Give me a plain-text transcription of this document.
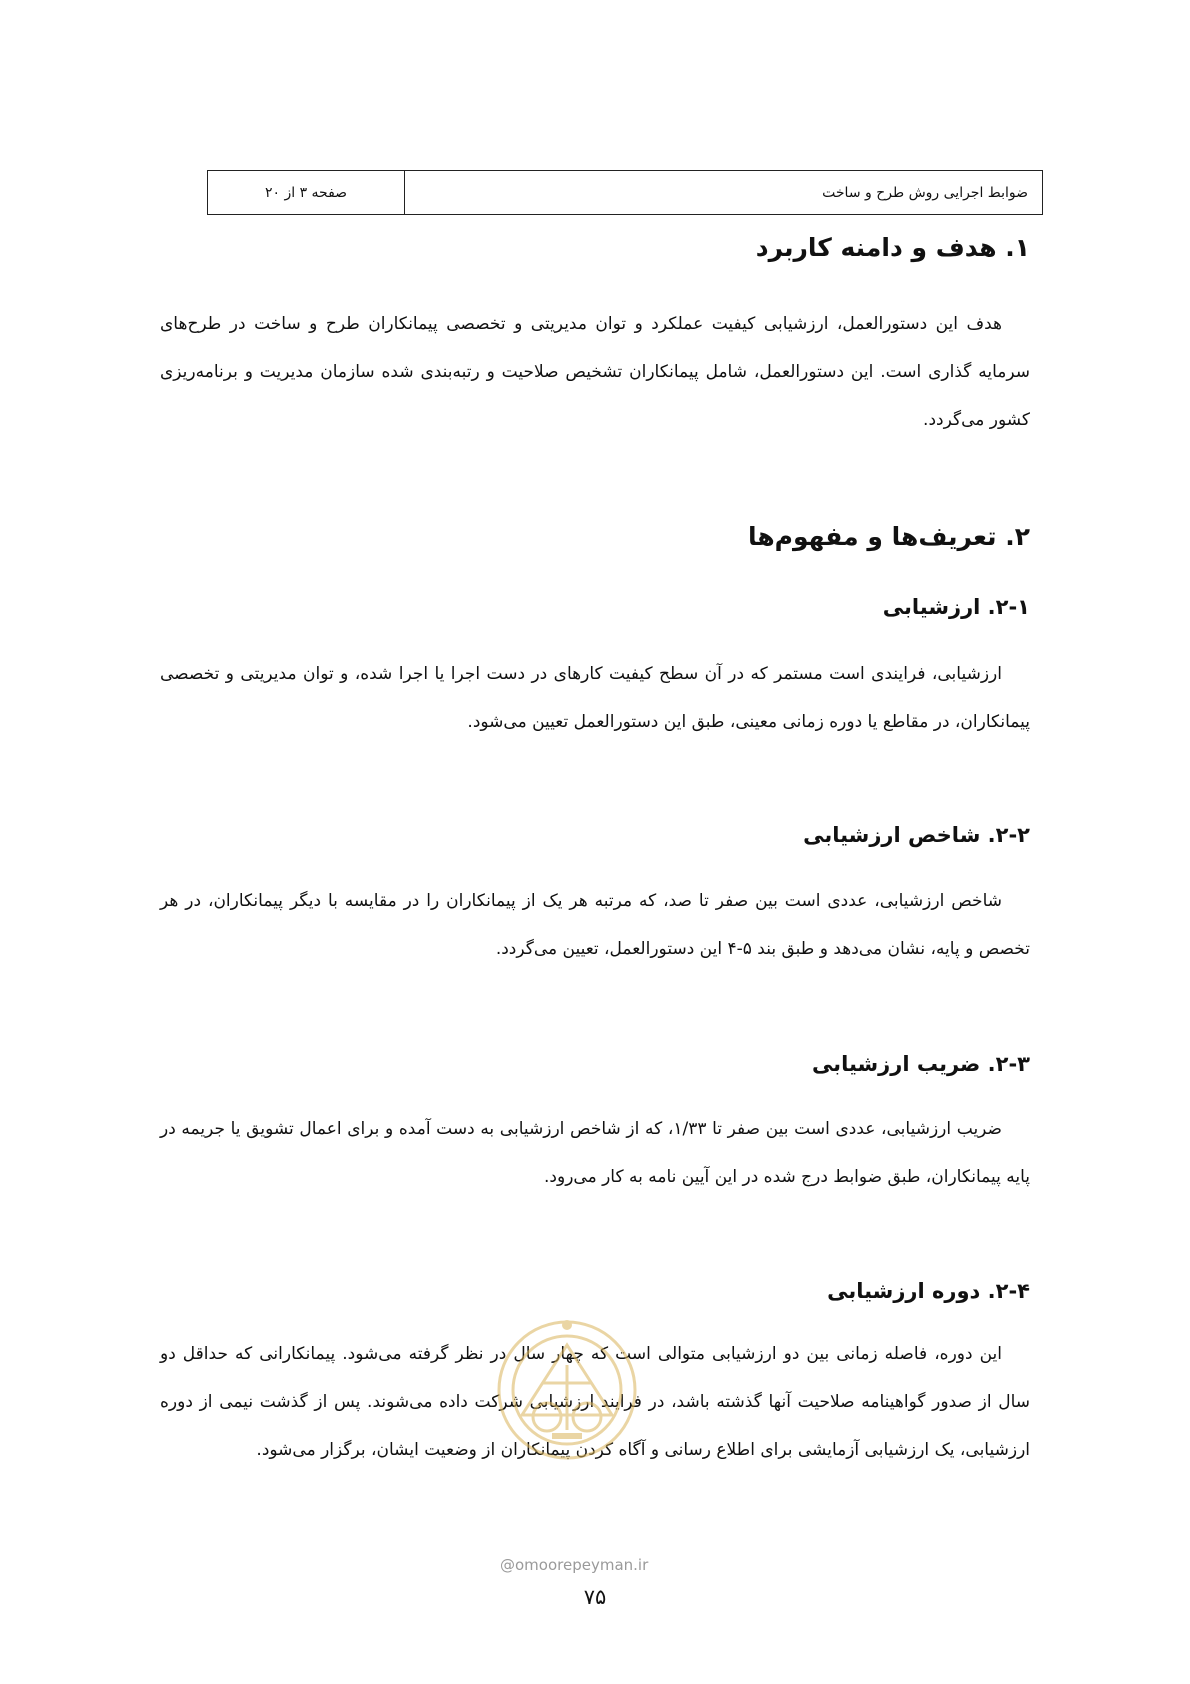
ضوابط اجرایی روش طرح و ساخت
صفحه ۳ از ۲۰
۱. هدف و دامنه کاربرد
هدف این دستورالعمل، ارزشیابی کیفیت عملکرد و توان مدیریتی و تخصصی پیمانکاران طرح و ساخت در طرح‌های سرمایه گذاری است. این دستورالعمل، شامل پیمانکاران تشخیص صلاحیت و رتبه‌بندی شده سازمان مدیریت و برنامه‌ریزی کشور می‌گردد.
۲. تعریف‌ها و مفهوم‌ها
۲-۱. ارزشیابی
ارزشیابی، فرایندی است مستمر که در آن سطح کیفیت کارهای در دست اجرا یا اجرا شده، و توان مدیریتی و تخصصی پیمانکاران، در مقاطع یا دوره زمانی معینی، طبق این دستورالعمل تعیین می‌شود.
۲-۲. شاخص ارزشیابی
شاخص ارزشیابی، عددی است بین صفر تا صد، که مرتبه هر یک از پیمانکاران را در مقایسه با دیگر پیمانکاران، در هر تخصص و پایه، نشان می‌دهد و طبق بند ۵-۴ این دستورالعمل، تعیین می‌گردد.
۲-۳. ضریب ارزشیابی
ضریب ارزشیابی، عددی است بین صفر تا ۱/۳۳، که از شاخص ارزشیابی به دست آمده و برای اعمال تشویق یا جریمه در پایه پیمانکاران، طبق ضوابط درج شده در این آیین نامه به کار می‌رود.
۲-۴. دوره ارزشیابی
این دوره، فاصله زمانی بین دو ارزشیابی متوالی است که چهار سال در نظر گرفته می‌شود. پیمانکارانی که حداقل دو سال از صدور گواهینامه صلاحیت آنها گذشته باشد، در فرایند ارزشیابی شرکت داده می‌شوند. پس از گذشت نیمی از دوره ارزشیابی، یک ارزشیابی آزمایشی برای اطلاع رسانی و آگاه کردن پیمانکاران از وضعیت ایشان، برگزار می‌شود.
@omoorepeyman.ir
۷۵
